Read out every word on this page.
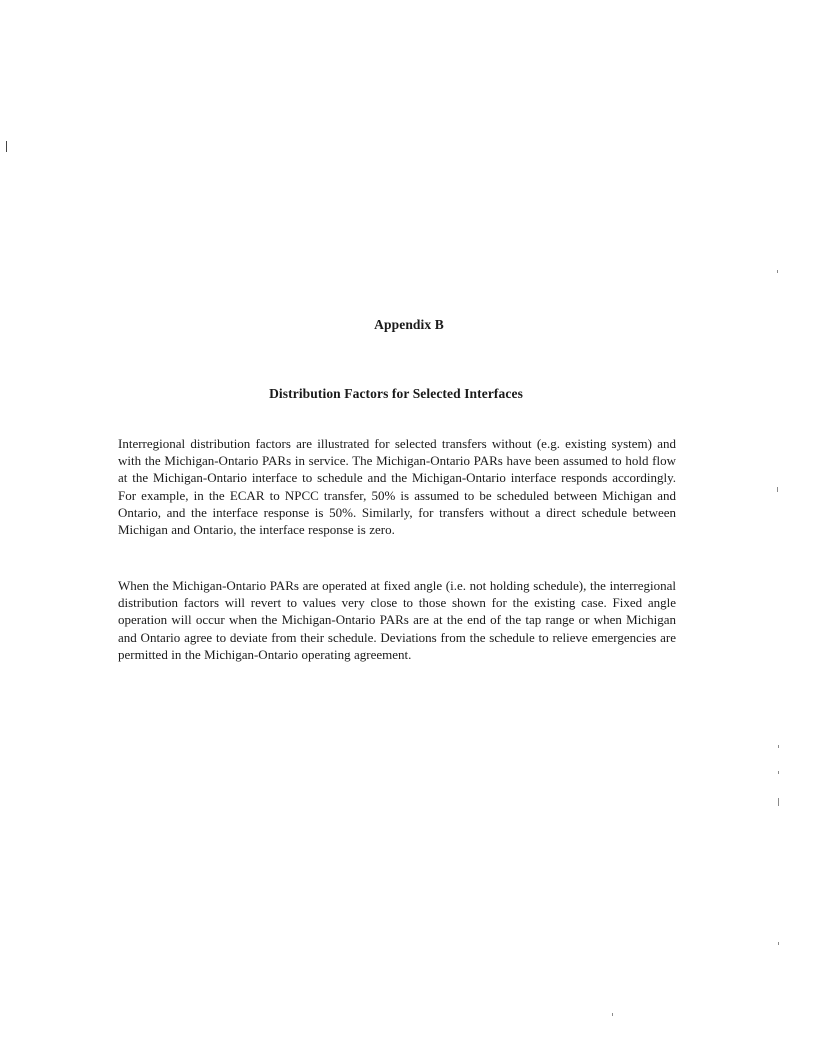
Appendix B
Distribution Factors for Selected Interfaces

Interregional distribution factors are illustrated for selected transfers without (e.g. existing system) and with the Michigan-Ontario PARs in service. The Michigan-Ontario PARs have been assumed to hold flow at the Michigan-Ontario interface to schedule and the Michigan-Ontario interface responds accordingly. For example, in the ECAR to NPCC transfer, 50% is assumed to be scheduled between Michigan and Ontario, and the interface response is 50%. Similarly, for transfers without a direct schedule between Michigan and Ontario, the interface response is zero.

When the Michigan-Ontario PARs are operated at fixed angle (i.e. not holding schedule), the interregional distribution factors will revert to values very close to those shown for the existing case. Fixed angle operation will occur when the Michigan-Ontario PARs are at the end of the tap range or when Michigan and Ontario agree to deviate from their schedule. Deviations from the schedule to relieve emergencies are permitted in the Michigan-Ontario operating agreement.
